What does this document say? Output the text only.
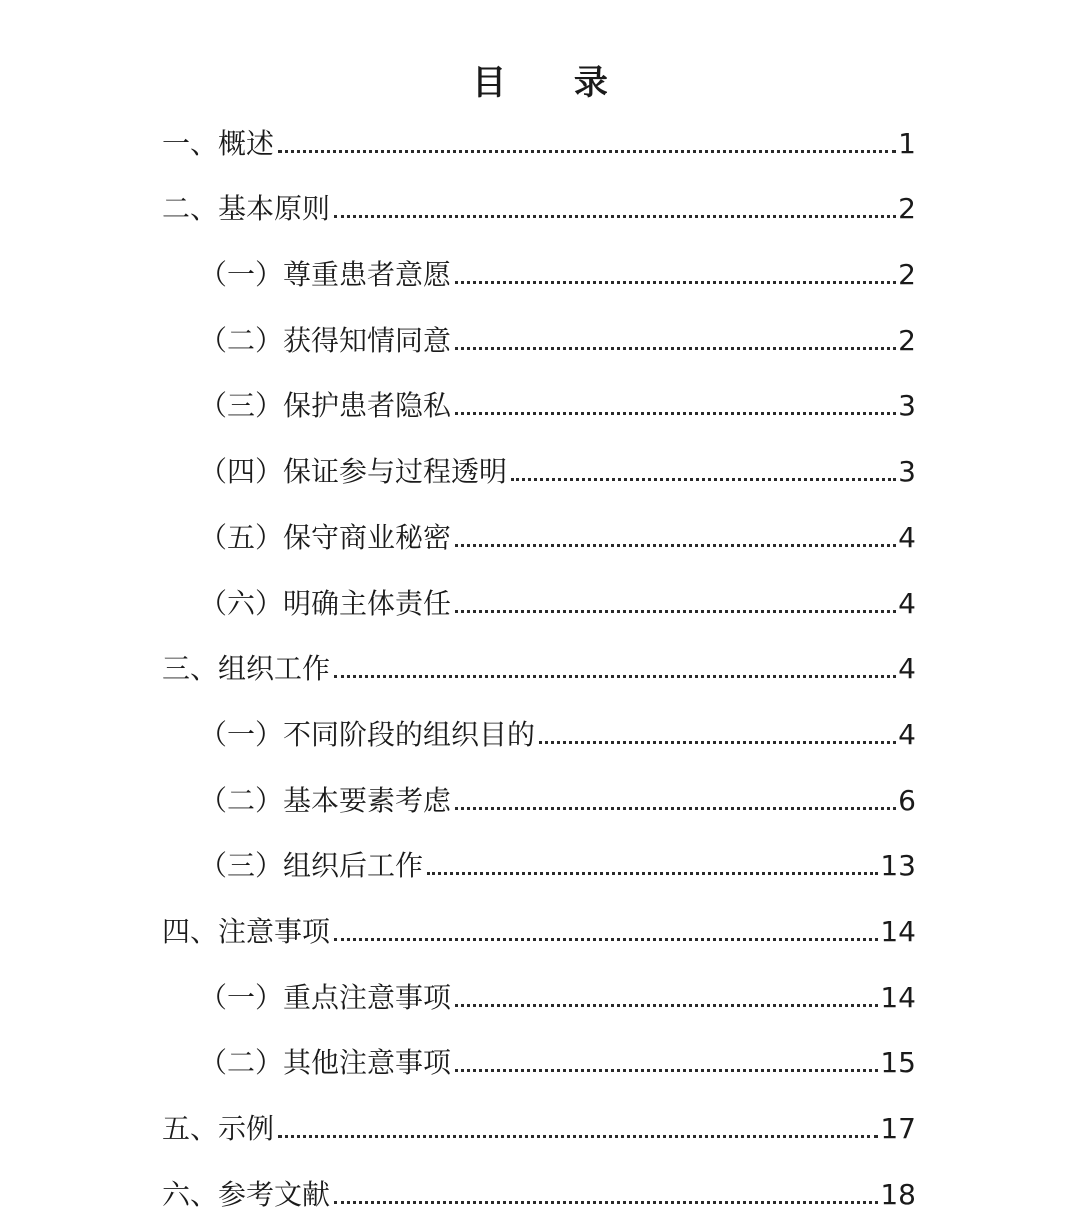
目 录
一、概述	1
二、基本原则	2
（一）尊重患者意愿	2
（二）获得知情同意	2
（三）保护患者隐私	3
（四）保证参与过程透明	3
（五）保守商业秘密	4
（六）明确主体责任	4
三、组织工作	4
（一）不同阶段的组织目的	4
（二）基本要素考虑	6
（三）组织后工作	13
四、注意事项	14
（一）重点注意事项	14
（二）其他注意事项	15
五、示例	17
六、参考文献	18
